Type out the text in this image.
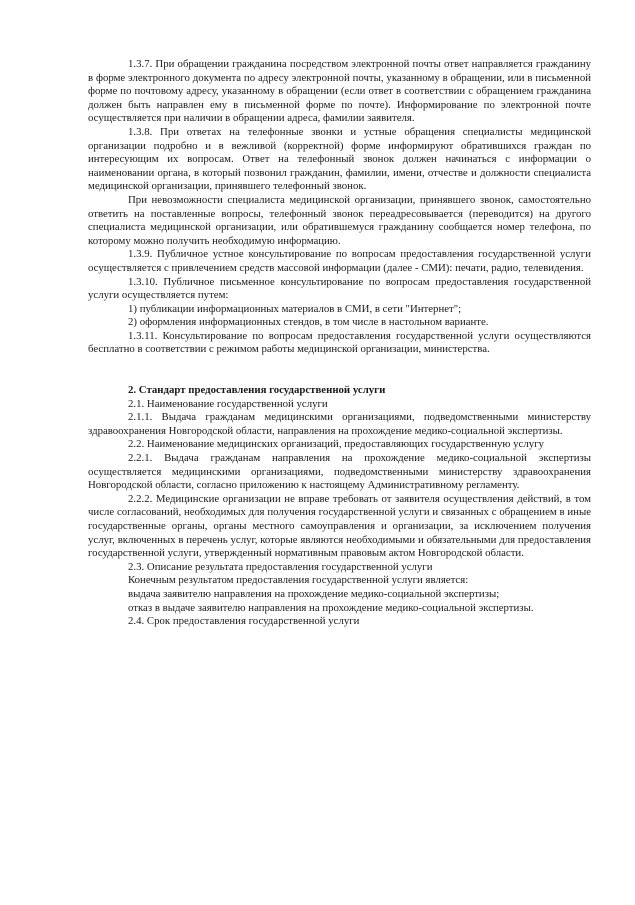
1.3.7. При обращении гражданина посредством электронной почты ответ направляется гражданину в форме электронного документа по адресу электронной почты, указанному в обращении, или в письменной форме по почтовому адресу, указанному в обращении (если ответ в соответствии с обращением гражданина должен быть направлен ему в письменной форме по почте). Информирование по электронной почте осуществляется при наличии в обращении адреса, фамилии заявителя.

1.3.8. При ответах на телефонные звонки и устные обращения специалисты медицинской организации подробно и в вежливой (корректной) форме информируют обратившихся граждан по интересующим их вопросам. Ответ на телефонный звонок должен начинаться с информации о наименовании органа, в который позвонил гражданин, фамилии, имени, отчестве и должности специалиста медицинской организации, принявшего телефонный звонок.

При невозможности специалиста медицинской организации, принявшего звонок, самостоятельно ответить на поставленные вопросы, телефонный звонок переадресовывается (переводится) на другого специалиста медицинской организации, или обратившемуся гражданину сообщается номер телефона, по которому можно получить необходимую информацию.

1.3.9. Публичное устное консультирование по вопросам предоставления государственной услуги осуществляется с привлечением средств массовой информации (далее - СМИ): печати, радио, телевидения.

1.3.10. Публичное письменное консультирование по вопросам предоставления государственной услуги осуществляется путем:

1) публикации информационных материалов в СМИ, в сети "Интернет";

2) оформления информационных стендов, в том числе в настольном варианте.

1.3.11. Консультирование по вопросам предоставления государственной услуги осуществляются бесплатно в соответствии с режимом работы медицинской организации, министерства.

2. Стандарт предоставления государственной услуги

2.1. Наименование государственной услуги

2.1.1. Выдача гражданам медицинскими организациями, подведомственными министерству здравоохранения Новгородской области, направления на прохождение медико-социальной экспертизы.

2.2. Наименование медицинских организаций, предоставляющих государственную услугу

2.2.1. Выдача гражданам направления на прохождение медико-социальной экспертизы осуществляется медицинскими организациями, подведомственными министерству здравоохранения Новгородской области, согласно приложению к настоящему Административному регламенту.

2.2.2. Медицинские организации не вправе требовать от заявителя осуществления действий, в том числе согласований, необходимых для получения государственной услуги и связанных с обращением в иные государственные органы, органы местного самоуправления и организации, за исключением получения услуг, включенных в перечень услуг, которые являются необходимыми и обязательными для предоставления государственной услуги, утвержденный нормативным правовым актом Новгородской области.

2.3. Описание результата предоставления государственной услуги

Конечным результатом предоставления государственной услуги является:

выдача заявителю направления на прохождение медико-социальной экспертизы;

отказ в выдаче заявителю направления на прохождение медико-социальной экспертизы.

2.4. Срок предоставления государственной услуги
